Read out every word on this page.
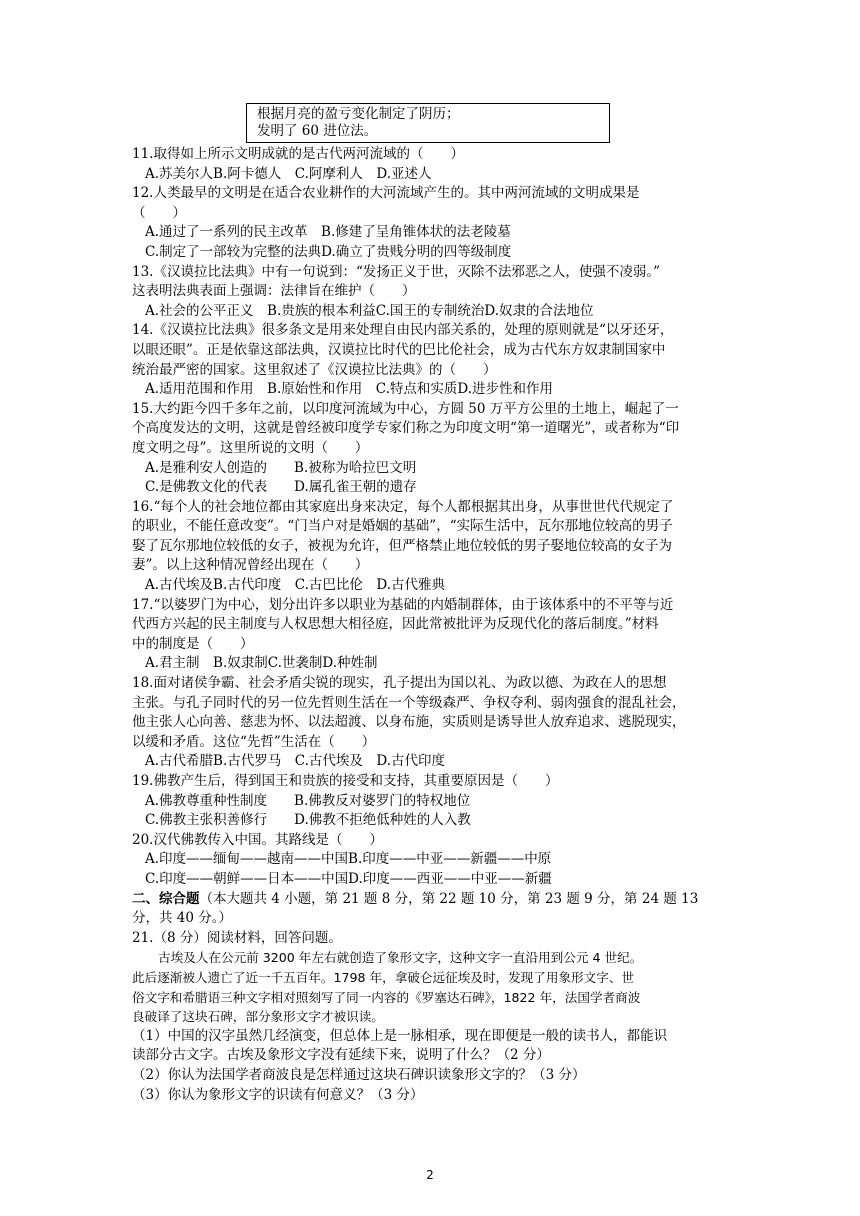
根据月亮的盈亏变化制定了阴历；
发明了 60 进位法。
11.取得如上所示文明成就的是古代两河流域的（　　）
A.苏美尔人B.阿卡德人　C.阿摩利人　D.亚述人
12.人类最早的文明是在适合农业耕作的大河流域产生的。其中两河流域的文明成果是
（　　）
A.通过了一系列的民主改革　B.修建了呈角锥体状的法老陵墓
C.制定了一部较为完整的法典D.确立了贵贱分明的四等级制度
13.《汉谟拉比法典》中有一句说到：“发扬正义于世，灭除不法邪恶之人，使强不凌弱。”
这表明法典表面上强调：法律旨在维护（　　）
A.社会的公平正义　B.贵族的根本利益C.国王的专制统治D.奴隶的合法地位
14.《汉谟拉比法典》很多条文是用来处理自由民内部关系的，处理的原则就是“以牙还牙，
以眼还眼”。正是依靠这部法典，汉谟拉比时代的巴比伦社会，成为古代东方奴隶制国家中
统治最严密的国家。这里叙述了《汉谟拉比法典》的（　　）
A.适用范围和作用　B.原始性和作用　C.特点和实质D.进步性和作用
15.大约距今四千多年之前，以印度河流域为中心，方圆 50 万平方公里的土地上，崛起了一
个高度发达的文明，这就是曾经被印度学专家们称之为印度文明“第一道曙光”，或者称为“印
度文明之母”。这里所说的文明（　　）
A.是雅利安人创造的　　B.被称为哈拉巴文明
C.是佛教文化的代表　　D.属孔雀王朝的遗存
16.“每个人的社会地位都由其家庭出身来决定，每个人都根据其出身，从事世世代代规定了
的职业，不能任意改变”。“门当户对是婚姻的基础”，“实际生活中，瓦尔那地位较高的男子
娶了瓦尔那地位较低的女子，被视为允许，但严格禁止地位较低的男子娶地位较高的女子为
妻”。以上这种情况曾经出现在（　　）
A.古代埃及B.古代印度　C.古巴比伦　D.古代雅典
17.“以婆罗门为中心，划分出许多以职业为基础的内婚制群体，由于该体系中的不平等与近
代西方兴起的民主制度与人权思想大相径庭，因此常被批评为反现代化的落后制度。”材料
中的制度是（　　）
A.君主制　B.奴隶制C.世袭制D.种姓制
18.面对诸侯争霸、社会矛盾尖锐的现实，孔子提出为国以礼、为政以德、为政在人的思想
主张。与孔子同时代的另一位先哲则生活在一个等级森严、争权夺利、弱肉强食的混乱社会，
他主张人心向善、慈悲为怀、以法超渡、以身布施，实质则是诱导世人放弃追求、逃脱现实，
以缓和矛盾。这位“先哲”生活在（　　）
A.古代希腊B.古代罗马　C.古代埃及　D.古代印度
19.佛教产生后，得到国王和贵族的接受和支持，其重要原因是（　　）
A.佛教尊重种性制度　　B.佛教反对婆罗门的特权地位
C.佛教主张积善修行　　D.佛教不拒绝低种姓的人入教
20.汉代佛教传入中国。其路线是（　　）
A.印度——缅甸——越南——中国B.印度——中亚——新疆——中原
C.印度——朝鲜——日本——中国D.印度——西亚——中亚——新疆
二、综合题（本大题共 4 小题，第 21 题 8 分，第 22 题 10 分，第 23 题 9 分，第 24 题 13
分，共 40 分。）
21.（8 分）阅读材料，回答问题。
古埃及人在公元前 3200 年左右就创造了象形文字，这种文字一直沿用到公元 4 世纪。
此后逐渐被人遗亡了近一千五百年。1798 年，拿破仑远征埃及时，发现了用象形文字、世
俗文字和希腊语三种文字相对照刻写了同一内容的《罗塞达石碑》，1822 年，法国学者商波
良破译了这块石碑，部分象形文字才被识读。
（1）中国的汉字虽然几经演变，但总体上是一脉相承，现在即便是一般的读书人，都能识
读部分古文字。古埃及象形文字没有延续下来，说明了什么？（2 分）
（2）你认为法国学者商波良是怎样通过这块石碑识读象形文字的？（3 分）
（3）你认为象形文字的识读有何意义？（3 分）
2
